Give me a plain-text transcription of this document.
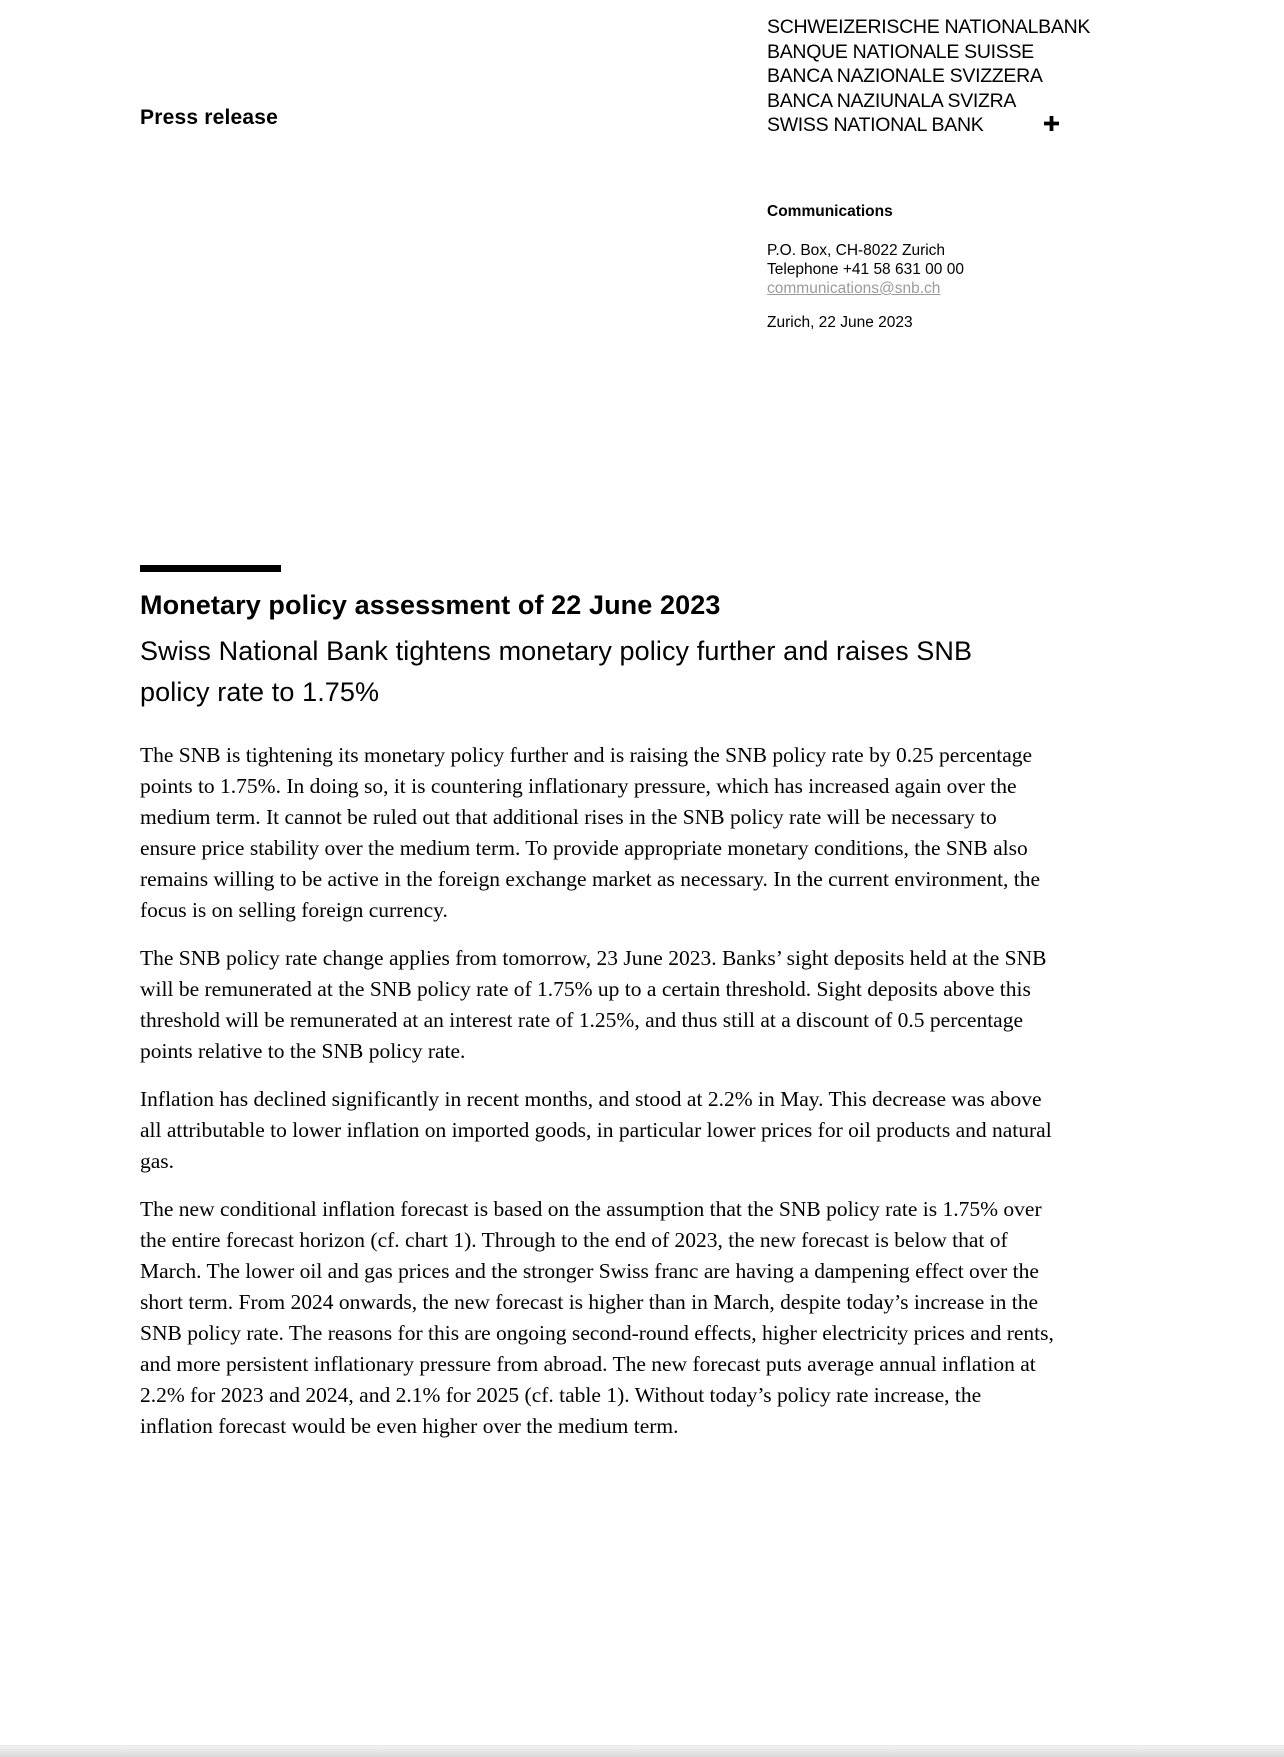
Press release
SCHWEIZERISCHE NATIONALBANK
BANQUE NATIONALE SUISSE
BANCA NAZIONALE SVIZZERA
BANCA NAZIUNALA SVIZRA
SWISS NATIONAL BANK
Communications
P.O. Box, CH-8022 Zurich
Telephone +41 58 631 00 00
communications@snb.ch
Zurich, 22 June 2023
Monetary policy assessment of 22 June 2023
Swiss National Bank tightens monetary policy further and raises SNB policy rate to 1.75%

The SNB is tightening its monetary policy further and is raising the SNB policy rate by 0.25 percentage points to 1.75%. In doing so, it is countering inflationary pressure, which has increased again over the medium term. It cannot be ruled out that additional rises in the SNB policy rate will be necessary to ensure price stability over the medium term. To provide appropriate monetary conditions, the SNB also remains willing to be active in the foreign exchange market as necessary. In the current environment, the focus is on selling foreign currency.

The SNB policy rate change applies from tomorrow, 23 June 2023. Banks’ sight deposits held at the SNB will be remunerated at the SNB policy rate of 1.75% up to a certain threshold. Sight deposits above this threshold will be remunerated at an interest rate of 1.25%, and thus still at a discount of 0.5 percentage points relative to the SNB policy rate.

Inflation has declined significantly in recent months, and stood at 2.2% in May. This decrease was above all attributable to lower inflation on imported goods, in particular lower prices for oil products and natural gas.

The new conditional inflation forecast is based on the assumption that the SNB policy rate is 1.75% over the entire forecast horizon (cf. chart 1). Through to the end of 2023, the new forecast is below that of March. The lower oil and gas prices and the stronger Swiss franc are having a dampening effect over the short term. From 2024 onwards, the new forecast is higher than in March, despite today’s increase in the SNB policy rate. The reasons for this are ongoing second-round effects, higher electricity prices and rents, and more persistent inflationary pressure from abroad. The new forecast puts average annual inflation at 2.2% for 2023 and 2024, and 2.1% for 2025 (cf. table 1). Without today’s policy rate increase, the inflation forecast would be even higher over the medium term.
